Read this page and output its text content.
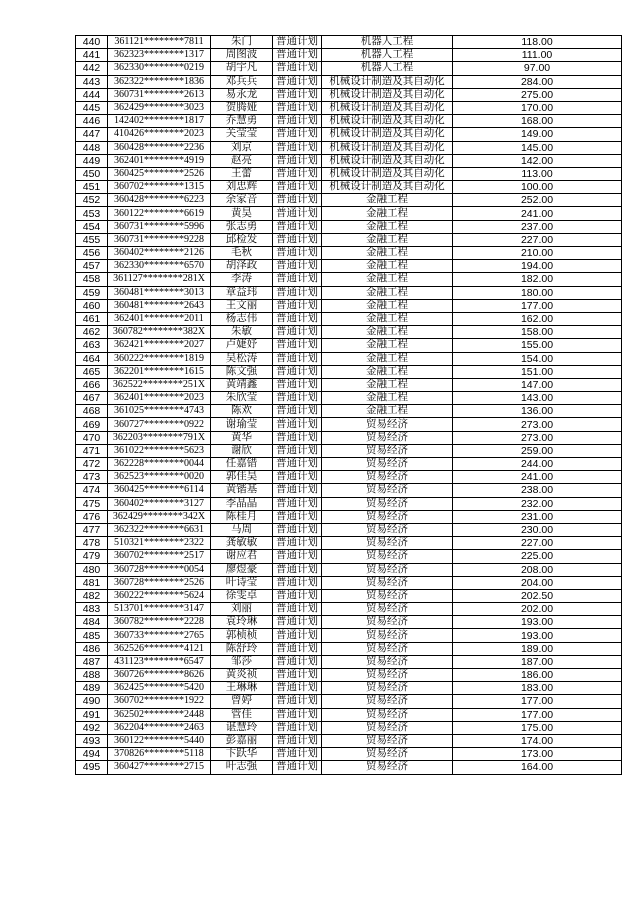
440	361121********7811	朱门	普通计划	机器人工程	118.00
441	362323********1317	周图波	普通计划	机器人工程	111.00
442	362330********0219	胡宇凡	普通计划	机器人工程	97.00
443	362322********1836	邓兵兵	普通计划	机械设计制造及其自动化	284.00
444	360731********2613	易永龙	普通计划	机械设计制造及其自动化	275.00
445	362429********3023	贺腾娅	普通计划	机械设计制造及其自动化	170.00
446	142402********1817	乔慧勇	普通计划	机械设计制造及其自动化	168.00
447	410426********2023	关莹莹	普通计划	机械设计制造及其自动化	149.00
448	360428********2236	刘京	普通计划	机械设计制造及其自动化	145.00
449	362401********4919	赵亮	普通计划	机械设计制造及其自动化	142.00
450	360425********2526	王蕾	普通计划	机械设计制造及其自动化	113.00
451	360702********1315	刘忠辉	普通计划	机械设计制造及其自动化	100.00
452	360428********6223	余家音	普通计划	金融工程	252.00
453	360122********6619	黄昊	普通计划	金融工程	241.00
454	360731********5996	张志勇	普通计划	金融工程	237.00
455	360731********9228	邱检发	普通计划	金融工程	227.00
456	360402********2126	毛秋	普通计划	金融工程	210.00
457	362330********6570	胡泽政	普通计划	金融工程	194.00
458	361127********281X	李涛	普通计划	金融工程	182.00
459	360481********3013	章益玮	普通计划	金融工程	180.00
460	360481********2643	王文丽	普通计划	金融工程	177.00
461	362401********2011	杨志伟	普通计划	金融工程	162.00
462	360782********382X	朱敏	普通计划	金融工程	158.00
463	362421********2027	卢婕妤	普通计划	金融工程	155.00
464	360222********1819	吴松涛	普通计划	金融工程	154.00
465	362201********1615	陈文强	普通计划	金融工程	151.00
466	362522********251X	黄靖鑫	普通计划	金融工程	147.00
467	362401********2023	朱欣莹	普通计划	金融工程	143.00
468	361025********4743	陈欢	普通计划	金融工程	136.00
469	360727********0922	谢瑜莹	普通计划	贸易经济	273.00
470	362203********791X	黄华	普通计划	贸易经济	273.00
471	361022********5623	谢欣	普通计划	贸易经济	259.00
472	362228********0044	任嘉错	普通计划	贸易经济	244.00
473	362523********0020	郭佳昊	普通计划	贸易经济	241.00
474	360425********6114	黄锴基	普通计划	贸易经济	238.00
475	360402********3127	李晶晶	普通计划	贸易经济	232.00
476	362429********342X	陈桂月	普通计划	贸易经济	231.00
477	362322********6631	马周	普通计划	贸易经济	230.00
478	510321********2322	龚敏敏	普通计划	贸易经济	227.00
479	360702********2517	谢应君	普通计划	贸易经济	225.00
480	360728********0054	廖煜豪	普通计划	贸易经济	208.00
481	360728********2526	叶诗莹	普通计划	贸易经济	204.00
482	360222********5624	徐雯卓	普通计划	贸易经济	202.50
483	513701********3147	刘丽	普通计划	贸易经济	202.00
484	360782********2228	袁玲琳	普通计划	贸易经济	193.00
485	360733********2765	郭桢桢	普通计划	贸易经济	193.00
486	362526********4121	陈舒玲	普通计划	贸易经济	189.00
487	431123********6547	邹莎	普通计划	贸易经济	187.00
488	360726********8626	黄炎祯	普通计划	贸易经济	186.00
489	362425********5420	王琳琳	普通计划	贸易经济	183.00
490	360702********1922	曾婷	普通计划	贸易经济	177.00
491	362502********2448	管佳	普通计划	贸易经济	177.00
492	362204********2463	谌慧玲	普通计划	贸易经济	175.00
493	360122********5440	彭嘉丽	普通计划	贸易经济	174.00
494	370826********5118	卞跃华	普通计划	贸易经济	173.00
495	360427********2715	叶志强	普通计划	贸易经济	164.00
